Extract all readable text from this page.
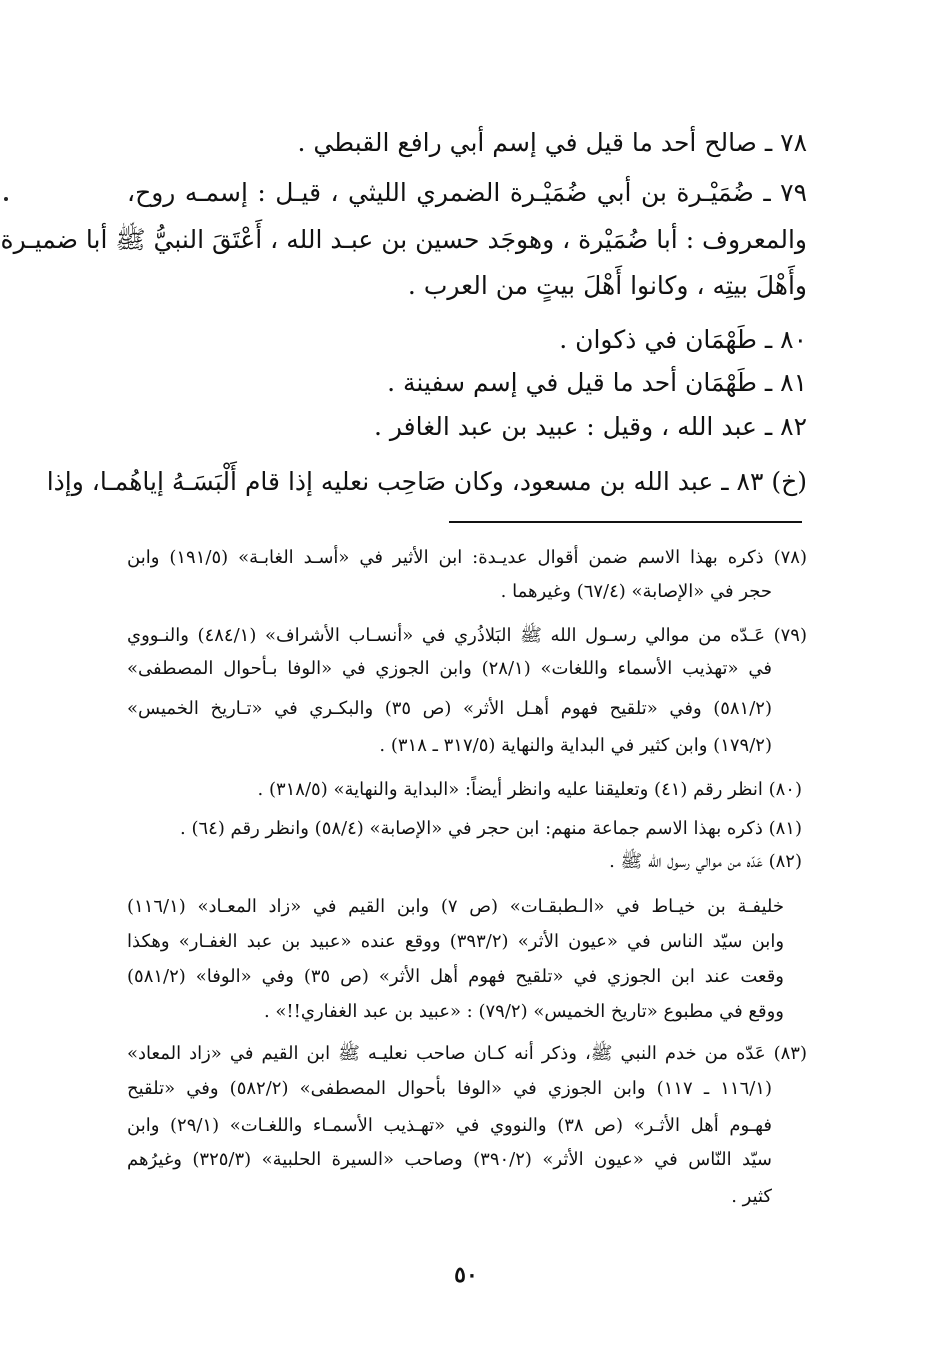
٧٨ ـ صالح أحد ما قيل في إسم أبي رافع القبطي .
٧٩ ـ ضُمَيْـرة بن أبي ضُمَيْـرة الضمري الليثي ، قيـل : إسمـه روح،
والمعروف : أبا ضُمَيْرة ، وهوجَد حسين بن عبـد الله ، أَعْتَقَ النبيُّ ﷺ أبا ضميـرة
وأَهْلَ بيتِه ، وكانوا أَهْلَ بيتٍ من العرب .
٨٠ ـ طَهْمَان في ذكوان .
٨١ ـ طَهْمَان أحد ما قيل في إسم سفينة .
٨٢ ـ عبد الله ، وقيل : عبيد بن عبد الغافر .
(خ) ٨٣ ـ عبد الله بن مسعود، وكان صَاحِب نعليه إذا قام أَلْبَسَـهُ إياهُمـا، وإذا
(٧٨) ذكره بهذا الاسم ضمن أقوال عديـدة: ابن الأثير في «أسـد الغابـة» (١٩١/٥) وابن
حجر في «الإصابة» (٦٧/٤) وغيرهما .
(٧٩) عَـدّه من موالي رسـول الله ﷺ البَلاذُري في «أنسـاب الأشراف» (٤٨٤/١) والنـووي
في «تهذيب الأسماء واللغات» (٢٨/١) وابن الجوزي في «الوفا بـأحوال المصطفى»
(٥٨١/٢) وفي «تلقيح فهوم أهـل الأثر» (ص ٣٥) والبكـري في «تـاريخ الخميس»
(١٧٩/٢) وابن كثير في البداية والنهاية (٣١٧/٥ ـ ٣١٨) .
(٨٠) انظر رقم (٤١) وتعليقنا عليه وانظر أيضاً: «البداية والنهاية» (٣١٨/٥) .
(٨١) ذكره بهذا الاسم جماعة منهم: ابن حجر في «الإصابة» (٥٨/٤) وانظر رقم (٦٤) .
(٨٢) عَدّه من موالي رسول الله ﷺ .
خليفـة بن خيـاط في «الـطبقـات» (ص ٧) وابن القيم في «زاد المعـاد» (١١٦/١)
وابن سيّد الناس في «عيون الأثر» (٣٩٣/٢) ووقع عنده «عبيد بن عبد الغفـار» وهكذا
وقعت عند ابن الجوزي في «تلقيح فهوم أهل الأثر» (ص ٣٥) وفي «الوفا» (٥٨١/٢)
ووقع في مطبوع «تاريخ الخميس» (٧٩/٢) : «عبيد بن عبد الغفاري!!» .
(٨٣) عَدّه من خدم النبي ﷺ، وذكر أنه كـان صاحب نعليـه ﷺ ابن القيم في «زاد المعاد»
(١١٦/١ ـ ١١٧) وابن الجوزي في «الوفا بأحوال المصطفى» (٥٨٢/٢) وفي «تلقيح
فهـوم أهل الأثـر» (ص ٣٨) والنووي في «تهـذيب الأسمـاء واللغـات» (٢٩/١) وابن
سيّد النّاس في «عيون الأثر» (٣٩٠/٢) وصاحب «السيرة الحلبية» (٣٢٥/٣) وغيرُهم
كثير .
٥٠
